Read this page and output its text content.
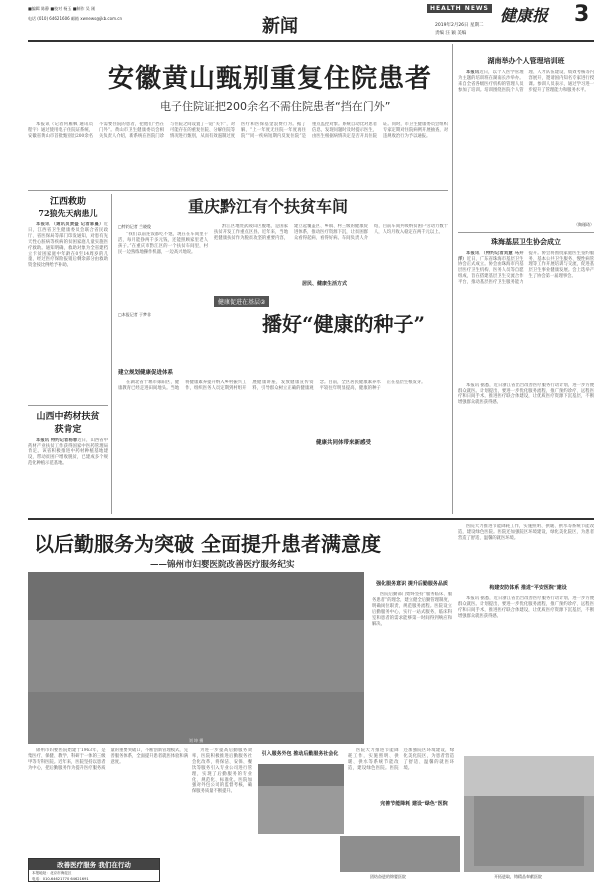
■编辑 陈静 ■校对 杨玉 ■制作 吴 刚
电话 (010) 64621606 邮箱 xwnews@jkb.com.cn	新闻
HEALTH NEWS 健康报 3
2019年2月26日 星期二
责编 汪 颖 美编
安徽黄山甄别重复住院患者
电子住院证把200余名不需住院患者“挡在门外”

本报讯（记者何雁枫 通讯员程宇）通过使用电子住院证系统，安徽省黄山市首批甄别出200余名不需要住院的患者，把他们“挡在门外”。黄山市卫生健康委员会相关负责人介绍，新系统在医院门诊与住院之间设置了一道“关卡”，对可能存在的重复住院、分解住院等情况进行甄别，从而有效遏制过度医疗和医保基金浪费行为。据了解，“上一年度无住院一年度再住院”“同一疾病短期内反复住院”是重点监控对象。系统自动比对患者信息，发现问题时及时提示医生，由医生根据病情决定是否开具住院证。同时，市卫生健康委员会组织专家定期对住院病例开展抽查，对违规收治行为予以通报。

江西救助
72狼先天病患儿

本报讯 （通讯员黄盛 记者郭蔓）近日，江西省卫生健康委员会联合省民政厅、省医保局等部门印发通知，对患有先天性心脏病等疾病的贫困家庭儿童实施医疗救助。通知明确，救助对象为全省建档立卡贫困家庭中年龄在0至14周岁的儿童，经过医疗保险报销后剩余部分由救助资金按比例给予补助。

山西中药材扶贫
获肯定

本报讯 特约记者杨蓉近日，山西省中药材产业扶贫工作获得国家中医药管理局肯定。该省积极推进中药材种植基地建设，带动贫困户增收脱贫，已建成多个规范化种植示范基地。

重庆黔江有个扶贫车间
□特约记者 兰晓俊

“我们以前连饭都吃不饱，现在在车间里干活，每月能挣两千多元钱，还能照顾家里老人孩子。”在重庆市黔江区的一个扶贫车间里，村民一边熟练地操作机器，一边高兴地说。

□本报记者 于梦非
建立规划健康促进体系

黔江区地处武陵山区腹地，是国家扶贫开发工作重点区县。近年来，当地把健康扶贫作为脱贫攻坚的重要内容，建立起覆盖区、乡镇、村三级的健康促进体系，推动医疗资源下沉，让贫困群众看得起病、看得好病。车间负责人介绍，目前车间共吸纳贫困户劳动力数十人，人均月收入稳定在两千元以上。

居民、健康生活方式
健康促进在基层②
播好“健康的种子”

在湖北省十堰市郧阳区，健康教育已经走进田间地头。当地将健康素养提升纳入乡村振兴工作，组织医务人员定期到村组开展健康讲座，发放健康宣传资料，引导群众树立正确的健康观念。目前，全区居民健康素养水平较往年明显提高，健康的种子正在基层生根发芽。

健康共同体带来新感受
湖南举办个人管理培训班

本报讯近日，以个人医学管理为主题的培训班在湖南长沙举办。来自全省各级医疗机构的管理人员参加了培训。培训围绕医院个人管理、人才队伍建设、绩效考核等内容展开，邀请国内知名专家进行授课。参训人员表示，通过学习进一步提升了管理能力和服务水平。

（陶瑾琦）
珠海基层卫生协会成立

本报讯 （特约记者刘慧 马开洋）近日，广东省珠海市基层卫生协会正式成立。协会由珠海市内基层医疗卫生机构、医务人员等自愿组成，旨在搭建基层卫生交流合作平台，推动基层医疗卫生服务能力提升。协会将围绕家庭医生签约服务、基本公共卫生服务、慢性病管理等工作开展培训与交流，促进基层卫生事业健康发展。会上选举产生了协会第一届理事会。

本报讯 据悉，近日浙江省出台改善医疗服务行动计划，进一步方便群众就医。计划提出，要进一步优化服务流程，推广预约诊疗、远程医疗和日间手术，推进医疗联合体建设，让优质医疗资源下沉基层，不断增强群众就医获得感。

以后勤服务为突破 全面提升患者满意度
——锦州市妇婴医院改善医疗服务纪实

医院大力推进节能降耗工作，实施照明、供暖、供水等系统节能改造，建设绿色医院。医院还加强院区环境建设，绿化美化院区，为患者营造了舒适、温馨的就医环境。

构建安防体系 推进“平安医院”建设
刘 坤 摄
强化服务意识 提升后勤服务品质

医院后勤部门始终坚持“服务临床、服务患者”的理念，建立健全后勤管理制度，明确岗位职责，规范服务流程。医院设立后勤服务中心，实行一站式服务，临床科室和患者的需求能够第一时间得到响应和解决。

本报讯 据悉，近日浙江省出台改善医疗服务行动计划，进一步方便群众就医。计划提出，要进一步优化服务流程，推广预约诊疗、远程医疗和日间手术，推进医疗联合体建设，让优质医疗资源下沉基层，不断增强群众就医获得感。

锦州市妇婴医院始建于1963年，是集医疗、保健、教学、科研于一体的三级甲等专科医院。近年来，医院坚持以患者为中心，把后勤服务作为提升医疗服务质量的重要突破口，不断创新管理模式，完善服务体系，全面提升患者就医体验和满意度。

为进一步提高后勤服务效率，医院积极推进后勤服务社会化改革，将保洁、安保、餐饮等服务引入专业公司进行管理，实现了后勤服务的专业化、规范化、标准化。医院加强对外包公司的监督考核，确保服务质量不断提升。

引入服务外包 推动后勤服务社会化

医院大力推进节能降耗工作，实施照明、供暖、供水等系统节能改造，建设绿色医院。医院还加强院区环境建设，绿化美化院区，为患者营造了舒适、温馨的就医环境。

完善节能降耗 建设“绿色”医院
团结奋进的锦婴医院	开拓进取，铸精品奉献医院
改善医疗服务 我们在行动
本报地址：北京市海淀区
电话：010-64621770 64621691
